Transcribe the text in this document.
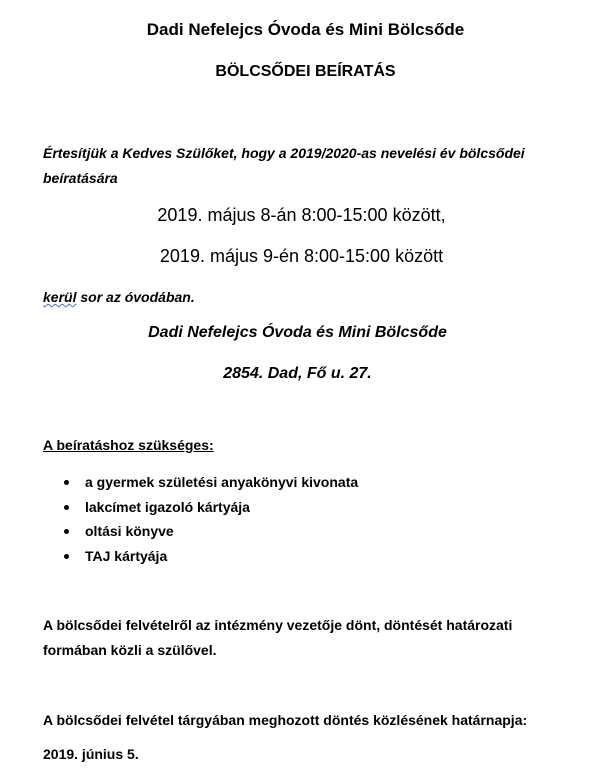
Dadi Nefelejcs Óvoda és Mini Bölcsőde
BÖLCSŐDEI BEÍRATÁS
Értesítjük a Kedves Szülőket, hogy a 2019/2020-as nevelési év bölcsődei
beíratására
2019. május 8-án 8:00-15:00 között,
2019. május 9-én 8:00-15:00 között
kerül sor az óvodában.
Dadi Nefelejcs Óvoda és Mini Bölcsőde
2854. Dad, Fő u. 27.
A beíratáshoz szükséges:
a gyermek születési anyakönyvi kivonata
lakcímet igazoló kártyája
oltási könyve
TAJ kártyája
A bölcsődei felvételről az intézmény vezetője dönt, döntését határozati
formában közli a szülővel.
A bölcsődei felvétel tárgyában meghozott döntés közlésének határnapja:
2019. június 5.
